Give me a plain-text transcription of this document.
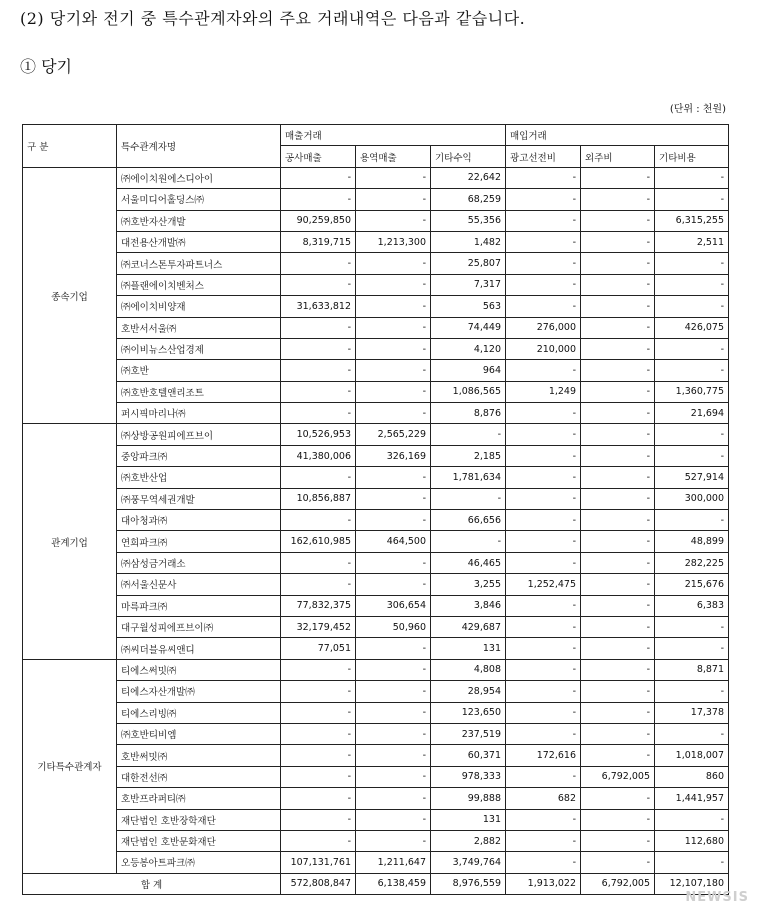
(2) 당기와 전기 중 특수관계자와의 주요 거래내역은 다음과 같습니다.
① 당기
(단위 : 천원)
구 분	특수관계자명	매출거래			매입거래		
		공사매출	용역매출	기타수익	광고선전비	외주비	기타비용
종속기업	㈜에이치원에스디아이	-	-	22,642	-	-	-
	서울미디어홀딩스㈜	-	-	68,259	-	-	-
	㈜호반자산개발	90,259,850	-	55,356	-	-	6,315,255
	대전용산개발㈜	8,319,715	1,213,300	1,482	-	-	2,511
	㈜코너스톤투자파트너스	-	-	25,807	-	-	-
	㈜플랜에이치벤처스	-	-	7,317	-	-	-
	㈜에이치비양재	31,633,812	-	563	-	-	-
	호반서서울㈜	-	-	74,449	276,000	-	426,075
	㈜이비뉴스산업경제	-	-	4,120	210,000	-	-
	㈜호반	-	-	964	-	-	-
	㈜호반호텔앤리조트	-	-	1,086,565	1,249	-	1,360,775
	퍼시픽마리나㈜	-	-	8,876	-	-	21,694
관계기업	㈜상방공원피에프브이	10,526,953	2,565,229	-	-	-	-
	중앙파크㈜	41,380,006	326,169	2,185	-	-	-
	㈜호반산업	-	-	1,781,634	-	-	527,914
	㈜풍무역세권개발	10,856,887	-	-	-	-	300,000
	대아청과㈜	-	-	66,656	-	-	-
	연희파크㈜	162,610,985	464,500	-	-	-	48,899
	㈜삼성금거래소	-	-	46,465	-	-	282,225
	㈜서울신문사	-	-	3,255	1,252,475	-	215,676
	마륵파크㈜	77,832,375	306,654	3,846	-	-	6,383
	대구월성피에프브이㈜	32,179,452	50,960	429,687	-	-	-
	㈜씨더블유씨앤디	77,051	-	131	-	-	-
기타특수관계자	티에스써밋㈜	-	-	4,808	-	-	8,871
	티에스자산개발㈜	-	-	28,954	-	-	-
	티에스리빙㈜	-	-	123,650	-	-	17,378
	㈜호반티비엠	-	-	237,519	-	-	-
	호반써밋㈜	-	-	60,371	172,616	-	1,018,007
	대한전선㈜	-	-	978,333	-	6,792,005	860
	호반프라퍼티㈜	-	-	99,888	682	-	1,441,957
	재단법인 호반장학재단	-	-	131	-	-	-
	재단법인 호반문화재단	-	-	2,882	-	-	112,680
	오등봉아트파크㈜	107,131,761	1,211,647	3,749,764	-	-	-
합 계		572,808,847	6,138,459	8,976,559	1,913,022	6,792,005	12,107,180
NEWSIS
